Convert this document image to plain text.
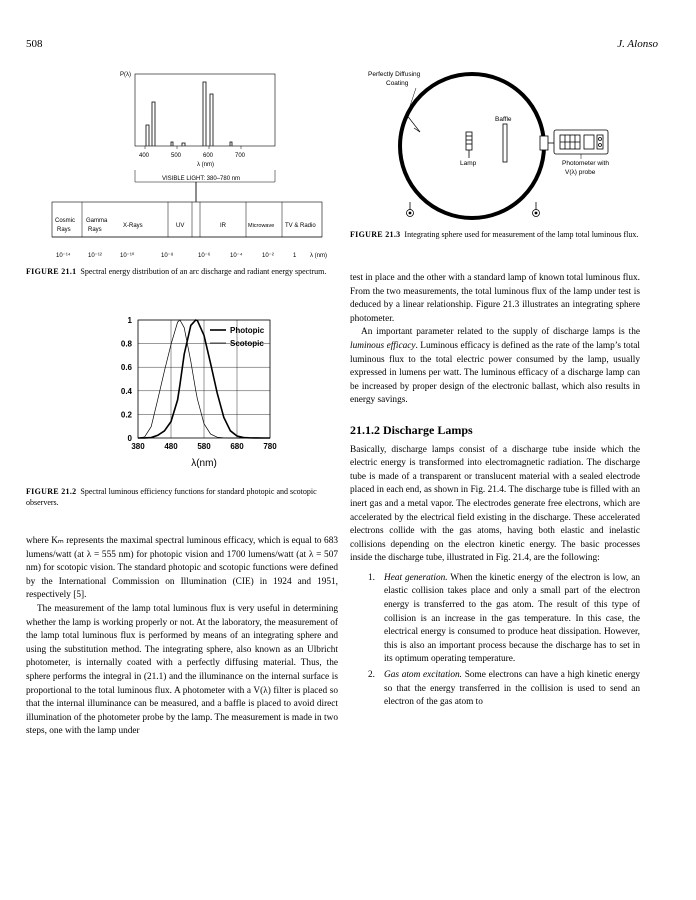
508	J. Alonso
P(λ)
400	500	600	700
λ (nm)
VISIBLE LIGHT: 380–780 nm
Cosmic
Rays
Gamma
Rays
X-Rays	UV	IR	Microwave TV & Radio
10⁻¹⁴	10⁻¹²	10⁻¹⁰	10⁻⁸	10⁻⁶	10⁻⁴	10⁻²	1 λ (nm)
FIGURE 21.1 Spectral energy distribution of an arc discharge and radiant energy spectrum.
380 480 580 680 780
0
0.2
0.4
0.6
0.8
1
Photopic
Scotopic
λ(nm)
FIGURE 21.2 Spectral luminous efficiency functions for standard photopic and scotopic observers.

where Kₘ represents the maximal spectral luminous efficacy, which is equal to 683 lumens/watt (at λ = 555 nm) for photopic vision and 1700 lumens/watt (at λ = 507 nm) for scotopic vision. The standard photopic and scotopic functions were defined by the International Commission on Illumination (CIE) in 1924 and 1951, respectively [5].

The measurement of the lamp total luminous flux is very useful in determining whether the lamp is working properly or not. At the laboratory, the measurement of the lamp total luminous flux is performed by means of an integrating sphere and using the substitution method. The integrating sphere, also known as an Ulbricht photometer, is internally coated with a perfectly diffusing material. Thus, the sphere performs the integral in (21.1) and the illuminance on the internal surface is proportional to the total luminous flux. A photometer with a V(λ) filter is placed so that the internal illuminance can be measured, and a baffle is placed to avoid direct illumination of the photometer probe by the lamp. The measurement is made in two steps, one with the lamp under

Perfectly Diffusing
Coating
Lamp
Baffle
Photometer with
V(λ) probe
FIGURE 21.3 Integrating sphere used for measurement of the lamp total luminous flux.

test in place and the other with a standard lamp of known total luminous flux. From the two measurements, the total luminous flux of the lamp under test is deduced by a linear relationship. Figure 21.3 illustrates an integrating sphere photometer.

An important parameter related to the supply of discharge lamps is the luminous efficacy. Luminous efficacy is defined as the rate of the lamp’s total luminous flux to the total electric power consumed by the lamp, usually expressed in lumens per watt. The luminous efficacy of a discharge lamp can be increased by proper design of the electronic ballast, which also results in energy savings.

21.1.2 Discharge Lamps

Basically, discharge lamps consist of a discharge tube inside which the electric energy is transformed into electromagnetic radiation. The discharge tube is made of a transparent or translucent material with a sealed electrode placed in each end, as shown in Fig. 21.4. The discharge tube is filled with an inert gas and a metal vapor. The electrodes generate free electrons, which are accelerated by the electrical field existing in the discharge. These accelerated electrons collide with the gas atoms, having both elastic and inelastic collisions depending on the electron kinetic energy. The basic processes inside the discharge tube, illustrated in Fig. 21.4, are the following:

1. Heat generation. When the kinetic energy of the electron is low, an elastic collision takes place and only a small part of the electron energy is transferred to the gas atom. The result of this type of collision is an increase in the gas temperature. In this case, the electrical energy is consumed to produce heat dissipation. However, this is also an important process because the discharge has to set in its optimum operating temperature.
2. Gas atom excitation. Some electrons can have a high kinetic energy so that the energy transferred in the collision is used to send an electron of the gas atom to
